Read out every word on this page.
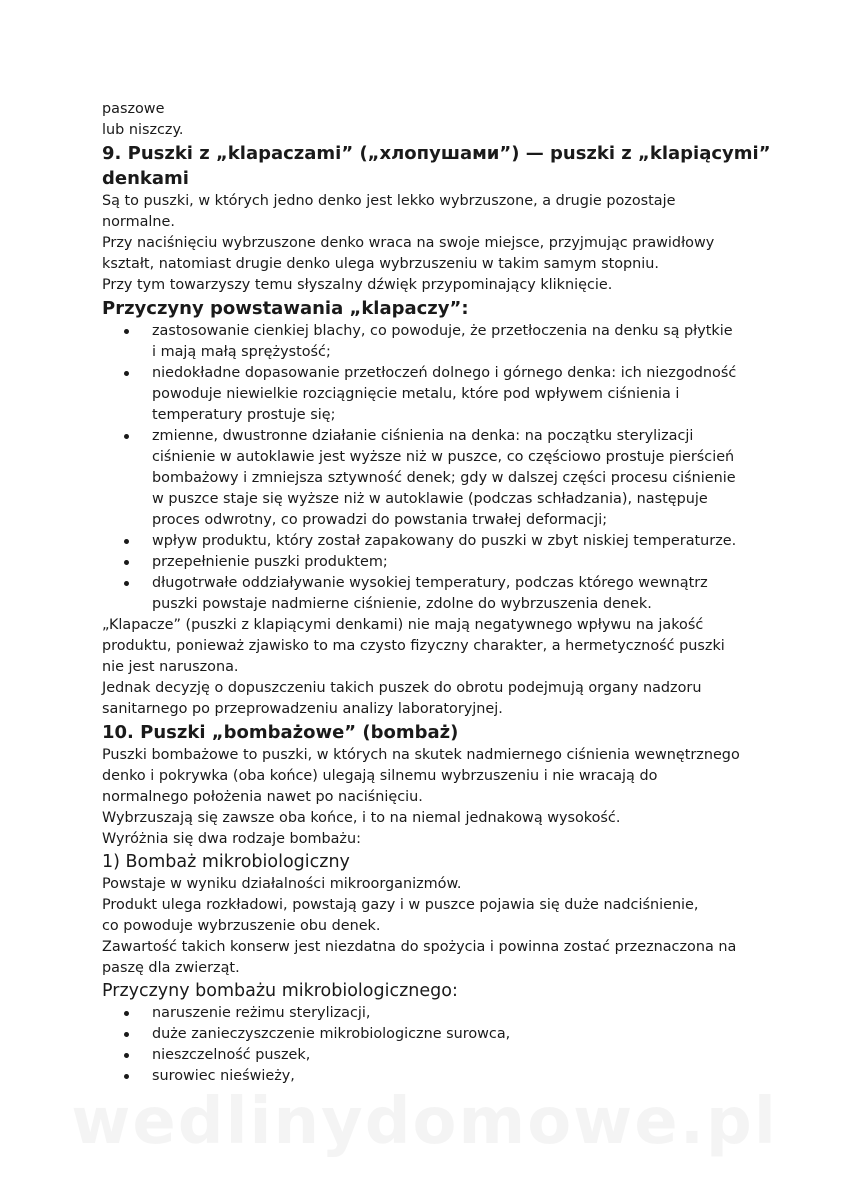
paszowe

lub niszczy.

9. Puszki z „klapaczami” („хлопушами”) — puszki z „klapiącymi”
denkami

Są to puszki, w których jedno denko jest lekko wybrzuszone, a drugie pozostaje

normalne.

Przy naciśnięciu wybrzuszone denko wraca na swoje miejsce, przyjmując prawidłowy

kształt, natomiast drugie denko ulega wybrzuszeniu w takim samym stopniu.

Przy tym towarzyszy temu słyszalny dźwięk przypominający kliknięcie.

Przyczyny powstawania „klapaczy”:
zastosowanie cienkiej blachy, co powoduje, że przetłoczenia na denku są płytkie
i mają małą sprężystość;
niedokładne dopasowanie przetłoczeń dolnego i górnego denka: ich niezgodność
powoduje niewielkie rozciągnięcie metalu, które pod wpływem ciśnienia i
temperatury prostuje się;
zmienne, dwustronne działanie ciśnienia na denka: na początku sterylizacji
ciśnienie w autoklawie jest wyższe niż w puszce, co częściowo prostuje pierścień
bombażowy i zmniejsza sztywność denek; gdy w dalszej części procesu ciśnienie
w puszce staje się wyższe niż w autoklawie (podczas schładzania), następuje
proces odwrotny, co prowadzi do powstania trwałej deformacji;
wpływ produktu, który został zapakowany do puszki w zbyt niskiej temperaturze.
przepełnienie puszki produktem;
długotrwałe oddziaływanie wysokiej temperatury, podczas którego wewnątrz
puszki powstaje nadmierne ciśnienie, zdolne do wybrzuszenia denek.

„Klapacze” (puszki z klapiącymi denkami) nie mają negatywnego wpływu na jakość

produktu, ponieważ zjawisko to ma czysto fizyczny charakter, a hermetyczność puszki

nie jest naruszona.

Jednak decyzję o dopuszczeniu takich puszek do obrotu podejmują organy nadzoru

sanitarnego po przeprowadzeniu analizy laboratoryjnej.

10. Puszki „bombażowe” (bombaż)

Puszki bombażowe to puszki, w których na skutek nadmiernego ciśnienia wewnętrznego

denko i pokrywka (oba końce) ulegają silnemu wybrzuszeniu i nie wracają do

normalnego położenia nawet po naciśnięciu.

Wybrzuszają się zawsze oba końce, i to na niemal jednakową wysokość.

Wyróżnia się dwa rodzaje bombażu:

1) Bombaż mikrobiologiczny

Powstaje w wyniku działalności mikroorganizmów.

Produkt ulega rozkładowi, powstają gazy i w puszce pojawia się duże nadciśnienie,

co powoduje wybrzuszenie obu denek.

Zawartość takich konserw jest niezdatna do spożycia i powinna zostać przeznaczona na

paszę dla zwierząt.

Przyczyny bombażu mikrobiologicznego:
naruszenie reżimu sterylizacji,
duże zanieczyszczenie mikrobiologiczne surowca,
nieszczelność puszek,
surowiec nieświeży,
